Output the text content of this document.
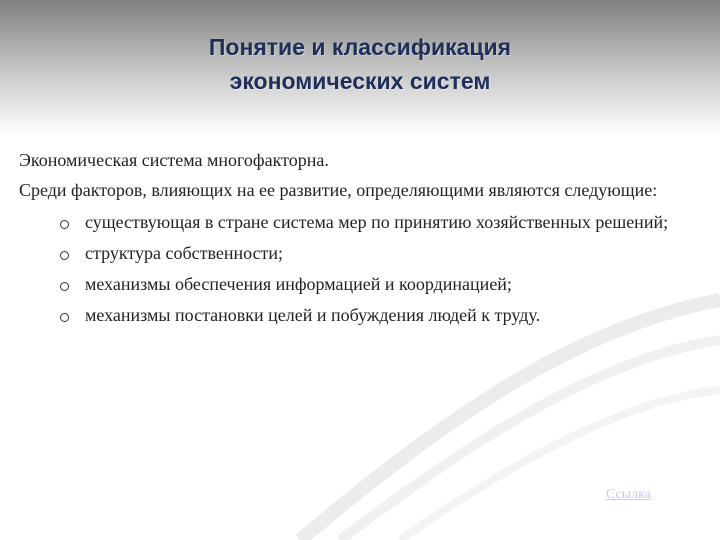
Понятие и классификация
экономических систем

Экономическая система многофакторна.

Среди факторов, влияющих на ее развитие, определяющими являются следующие:

существующая в стране система мер по принятию хозяйственных решений;
структура собственности;
механизмы обеспечения информацией и координацией;
механизмы постановки целей и побуждения людей к труду.
Ссылка
